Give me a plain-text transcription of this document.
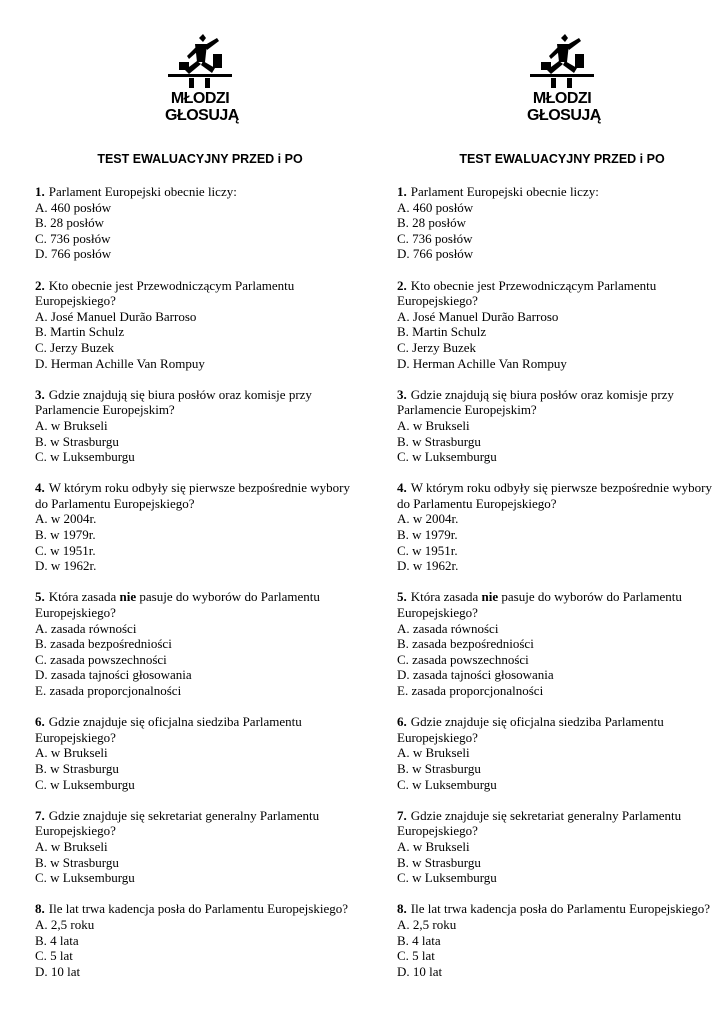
MŁODZI
GŁOSUJĄ
TEST EWALUACYJNY PRZED i PO
1. Parlament Europejski obecnie liczy:
A. 460 posłów
B. 28 posłów
C. 736 posłów
D. 766 posłów
2. Kto obecnie jest Przewodniczącym Parlamentu Europejskiego?
A. José Manuel Durão Barroso
B. Martin Schulz
C. Jerzy Buzek
D. Herman Achille Van Rompuy
3. Gdzie znajdują się biura posłów oraz komisje przy Parlamencie Europejskim?
A. w Brukseli
B. w Strasburgu
C. w Luksemburgu
4. W którym roku odbyły się pierwsze bezpośrednie wybory do Parlamentu Europejskiego?
A. w 2004r.
B. w 1979r.
C. w 1951r.
D. w 1962r.
5. Która zasada nie pasuje do wyborów do Parlamentu Europejskiego?
A. zasada równości
B. zasada bezpośredniości
C. zasada powszechności
D. zasada tajności głosowania
E. zasada proporcjonalności
6. Gdzie znajduje się oficjalna siedziba Parlamentu Europejskiego?
A. w Brukseli
B. w Strasburgu
C. w Luksemburgu
7. Gdzie znajduje się sekretariat generalny Parlamentu Europejskiego?
A. w Brukseli
B. w Strasburgu
C. w Luksemburgu
8. Ile lat trwa kadencja posła do Parlamentu Europejskiego?
A. 2,5 roku
B. 4 lata
C. 5 lat
D. 10 lat
MŁODZI
GŁOSUJĄ
TEST EWALUACYJNY PRZED i PO
1. Parlament Europejski obecnie liczy:
A. 460 posłów
B. 28 posłów
C. 736 posłów
D. 766 posłów
2. Kto obecnie jest Przewodniczącym Parlamentu Europejskiego?
A. José Manuel Durão Barroso
B. Martin Schulz
C. Jerzy Buzek
D. Herman Achille Van Rompuy
3. Gdzie znajdują się biura posłów oraz komisje przy Parlamencie Europejskim?
A. w Brukseli
B. w Strasburgu
C. w Luksemburgu
4. W którym roku odbyły się pierwsze bezpośrednie wybory do Parlamentu Europejskiego?
A. w 2004r.
B. w 1979r.
C. w 1951r.
D. w 1962r.
5. Która zasada nie pasuje do wyborów do Parlamentu Europejskiego?
A. zasada równości
B. zasada bezpośredniości
C. zasada powszechności
D. zasada tajności głosowania
E. zasada proporcjonalności
6. Gdzie znajduje się oficjalna siedziba Parlamentu Europejskiego?
A. w Brukseli
B. w Strasburgu
C. w Luksemburgu
7. Gdzie znajduje się sekretariat generalny Parlamentu Europejskiego?
A. w Brukseli
B. w Strasburgu
C. w Luksemburgu
8. Ile lat trwa kadencja posła do Parlamentu Europejskiego?
A. 2,5 roku
B. 4 lata
C. 5 lat
D. 10 lat
